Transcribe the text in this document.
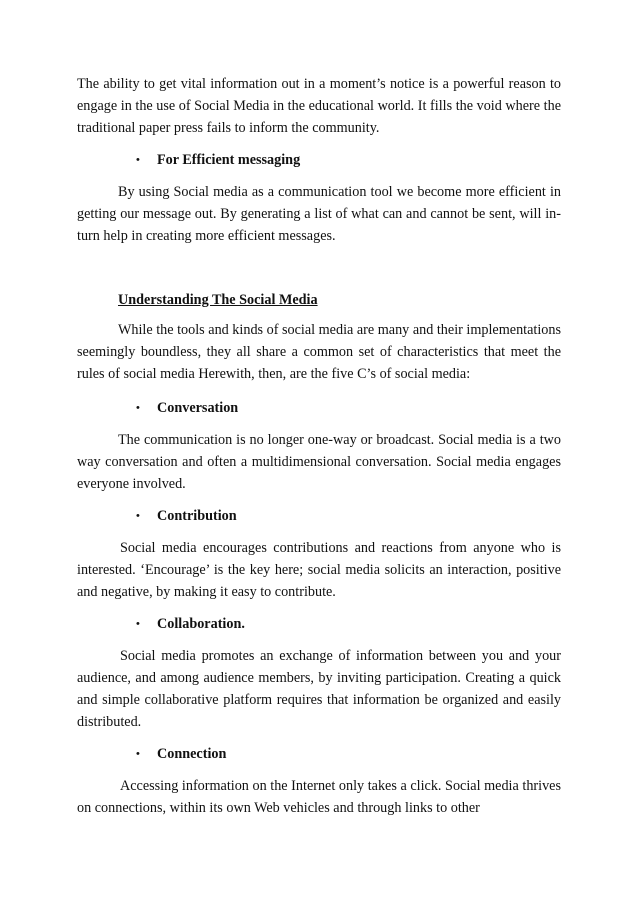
The ability to get vital information out in a moment’s notice is a powerful reason to engage in the use of Social Media in the educational world. It fills the void where the traditional paper press fails to inform the community.

•	For Efficient messaging

By using Social media as a communication tool we become more efficient in getting our message out. By generating a list of what can and cannot be sent, will in-turn help in creating more efficient messages.

Understanding The Social Media

While the tools and kinds of social media are many and their implementations seemingly boundless, they all share a common set of characteristics that meet the rules of social media Herewith, then, are the five C’s of social media:

•	Conversation

The communication is no longer one-way or broadcast. Social media is a two way conversation and often a multidimensional conversation. Social media engages everyone involved.

•	Contribution

Social media encourages contributions and reactions from anyone who is interested. ‘Encourage’ is the key here; social media solicits an interaction, positive and negative, by making it easy to contribute.

•	Collaboration.

Social media promotes an exchange of information between you and your audience, and among audience members, by inviting participation. Creating a quick and simple collaborative platform requires that information be organized and easily distributed.

•	Connection

Accessing information on the Internet only takes a click. Social media thrives on connections, within its own Web vehicles and through links to other
